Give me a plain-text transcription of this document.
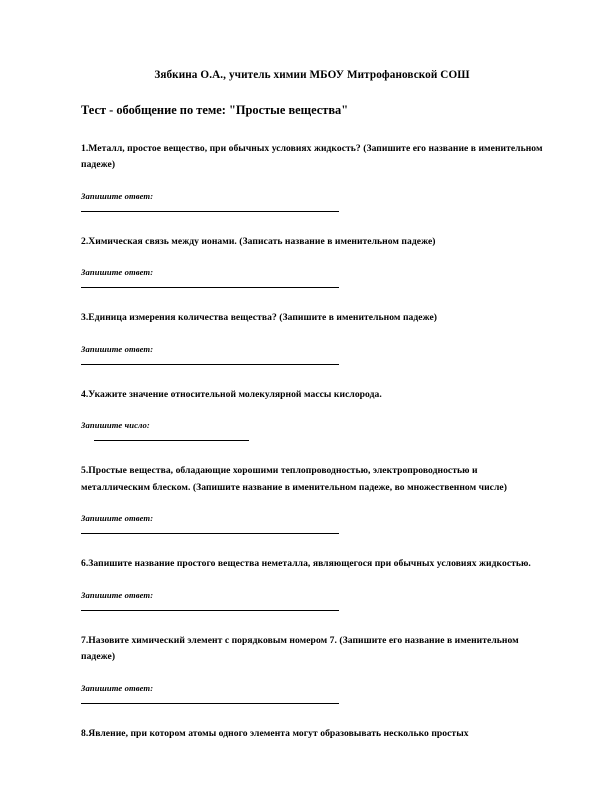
Зябкина О.А., учитель химии МБОУ Митрофановской СОШ
Тест - обобщение по теме: "Простые вещества"

1.Металл, простое вещество, при обычных условиях жидкость? (Запишите его название в именительном падеже)

Запишите ответ:

2.Химическая связь между ионами. (Записать название в именительном падеже)

Запишите ответ:

3.Единица измерения количества вещества? (Запишите в именительном падеже)

Запишите ответ:

4.Укажите значение относительной молекулярной массы кислорода.

Запишите число:

5.Простые вещества, обладающие хорошими теплопроводностью, электропроводностью и металлическим блеском. (Запишите название в именительном падеже, во множественном числе)

Запишите ответ:

6.Запишите название простого вещества неметалла, являющегося при обычных условиях жидкостью.

Запишите ответ:

7.Назовите химический элемент с порядковым номером 7. (Запишите его название в именительном падеже)

Запишите ответ:

8.Явление, при котором атомы одного элемента могут образовывать несколько простых
